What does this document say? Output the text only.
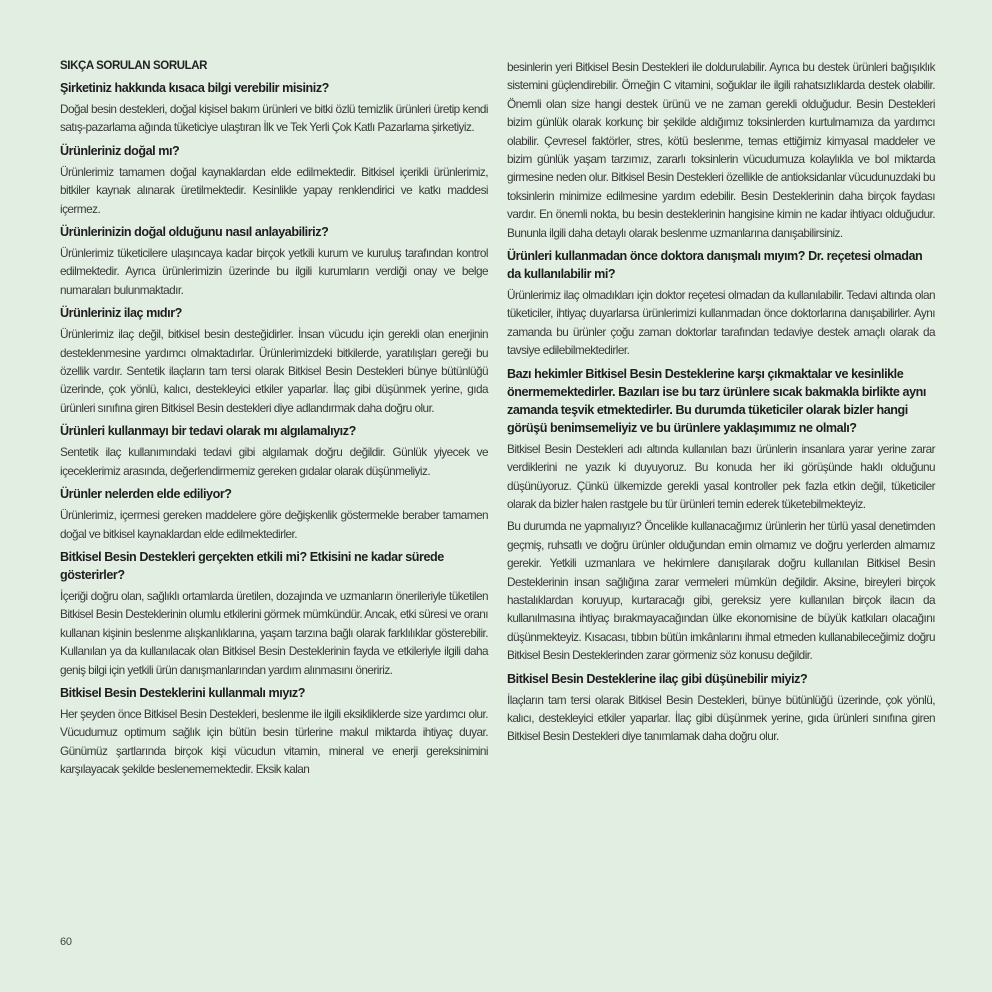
SIKÇA SORULAN SORULAR
Şirketiniz hakkında kısaca bilgi verebilir misiniz?
Doğal besin destekleri, doğal kişisel bakım ürünleri ve bitki özlü temizlik ürünleri üretip kendi satış-pazarlama ağında tüketiciye ulaştıran İlk ve Tek Yerli Çok Katlı Pazarlama şirketiyiz.
Ürünleriniz doğal mı?
Ürünlerimiz tamamen doğal kaynaklardan elde edilmektedir. Bitkisel içerikli ürünlerimiz, bitkiler kaynak alınarak üretilmektedir. Kesinlikle yapay renklendirici ve katkı maddesi içermez.
Ürünlerinizin doğal olduğunu nasıl anlayabiliriz?
Ürünlerimiz tüketicilere ulaşıncaya kadar birçok yetkili kurum ve kuruluş tarafından kontrol edilmektedir. Ayrıca ürünlerimizin üzerinde bu ilgili kurumların verdiği onay ve belge numaraları bulunmaktadır.
Ürünleriniz ilaç mıdır?
Ürünlerimiz ilaç değil, bitkisel besin desteğidirler. İnsan vücudu için gerekli olan enerjinin desteklenmesine yardımcı olmaktadırlar. Ürünlerimizdeki bitkilerde, yaratılışları gereği bu özellik vardır. Sentetik ilaçların tam tersi olarak Bitkisel Besin Destekleri bünye bütünlüğü üzerinde, çok yönlü, kalıcı, destekleyici etkiler yaparlar. İlaç gibi düşünmek yerine, gıda ürünleri sınıfına giren Bitkisel Besin destekleri diye adlandırmak daha doğru olur.
Ürünleri kullanmayı bir tedavi olarak mı algılamalıyız?
Sentetik ilaç kullanımındaki tedavi gibi algılamak doğru değildir. Günlük yiyecek ve içeceklerimiz arasında, değerlendirmemiz gereken gıdalar olarak düşünmeliyiz.
Ürünler nelerden elde ediliyor?
Ürünlerimiz, içermesi gereken maddelere göre değişkenlik göstermekle beraber tamamen doğal ve bitkisel kaynaklardan elde edilmektedirler.
Bitkisel Besin Destekleri gerçekten etkili mi? Etkisini ne kadar sürede gösterirler?
İçeriği doğru olan, sağlıklı ortamlarda üretilen, dozajında ve uzmanların önerileriyle tüketilen Bitkisel Besin Desteklerinin olumlu etkilerini görmek mümkündür. Ancak, etki süresi ve oranı kullanan kişinin beslenme alışkanlıklarına, yaşam tarzına bağlı olarak farklılıklar gösterebilir. Kullanılan ya da kullanılacak olan Bitkisel Besin Desteklerinin fayda ve etkileriyle ilgili daha geniş bilgi için yetkili ürün danışmanlarından yardım alınmasını öneririz.
Bitkisel Besin Desteklerini kullanmalı mıyız?
Her şeyden önce Bitkisel Besin Destekleri, beslenme ile ilgili eksikliklerde size yardımcı olur. Vücudumuz optimum sağlık için bütün besin türlerine makul miktarda ihtiyaç duyar. Günümüz şartlarında birçok kişi vücudun vitamin, mineral ve enerji gereksinimini karşılayacak şekilde beslenememektedir. Eksik kalan
besinlerin yeri Bitkisel Besin Destekleri ile doldurulabilir. Ayrıca bu destek ürünleri bağışıklık sistemini güçlendirebilir. Örneğin C vitamini, soğuklar ile ilgili rahatsızlıklarda destek olabilir. Önemli olan size hangi destek ürünü ve ne zaman gerekli olduğudur. Besin Destekleri bizim günlük olarak korkunç bir şekilde aldığımız toksinlerden kurtulmamıza da yardımcı olabilir. Çevresel faktörler, stres, kötü beslenme, temas ettiğimiz kimyasal maddeler ve bizim günlük yaşam tarzımız, zararlı toksinlerin vücudumuza kolaylıkla ve bol miktarda girmesine neden olur. Bitkisel Besin Destekleri özellikle de antioksidanlar vücudunuzdaki bu toksinlerin minimize edilmesine yardım edebilir. Besin Desteklerinin daha birçok faydası vardır. En önemli nokta, bu besin desteklerinin hangisine kimin ne kadar ihtiyacı olduğudur. Bununla ilgili daha detaylı olarak beslenme uzmanlarına danışabilirsiniz.
Ürünleri kullanmadan önce doktora danışmalı mıyım? Dr. reçetesi olmadan da kullanılabilir mi?
Ürünlerimiz ilaç olmadıkları için doktor reçetesi olmadan da kullanılabilir. Tedavi altında olan tüketiciler, ihtiyaç duyarlarsa ürünlerimizi kullanmadan önce doktorlarına danışabilirler. Aynı zamanda bu ürünler çoğu zaman doktorlar tarafından tedaviye destek amaçlı olarak da tavsiye edilebilmektedirler.
Bazı hekimler Bitkisel Besin Desteklerine karşı çıkmaktalar ve kesinlikle önermemektedirler. Bazıları ise bu tarz ürünlere sıcak bakmakla birlikte aynı zamanda teşvik etmektedirler. Bu durumda tüketiciler olarak bizler hangi görüşü benimsemeliyiz ve bu ürünlere yaklaşımımız ne olmalı?
Bitkisel Besin Destekleri adı altında kullanılan bazı ürünlerin insanlara yarar yerine zarar verdiklerini ne yazık ki duyuyoruz. Bu konuda her iki görüşünde haklı olduğunu düşünüyoruz. Çünkü ülkemizde gerekli yasal kontroller pek fazla etkin değil, tüketiciler olarak da bizler halen rastgele bu tür ürünleri temin ederek tüketebilmekteyiz.
Bu durumda ne yapmalıyız? Öncelikle kullanacağımız ürünlerin her türlü yasal denetimden geçmiş, ruhsatlı ve doğru ürünler olduğundan emin olmamız ve doğru yerlerden almamız gerekir. Yetkili uzmanlara ve hekimlere danışılarak doğru kullanılan Bitkisel Besin Desteklerinin insan sağlığına zarar vermeleri mümkün değildir. Aksine, bireyleri birçok hastalıklardan koruyup, kurtaracağı gibi, gereksiz yere kullanılan birçok ilacın da kullanılmasına ihtiyaç bırakmayacağından ülke ekonomisine de büyük katkıları olacağını düşünmekteyiz. Kısacası, tıbbın bütün imkânlarını ihmal etmeden kullanabileceğimiz doğru Bitkisel Besin Desteklerinden zarar görmeniz söz konusu değildir.
Bitkisel Besin Desteklerine ilaç gibi düşünebilir miyiz?
İlaçların tam tersi olarak Bitkisel Besin Destekleri, bünye bütünlüğü üzerinde, çok yönlü, kalıcı, destekleyici etkiler yaparlar. İlaç gibi düşünmek yerine, gıda ürünleri sınıfına giren Bitkisel Besin Destekleri diye tanımlamak daha doğru olur.
60
